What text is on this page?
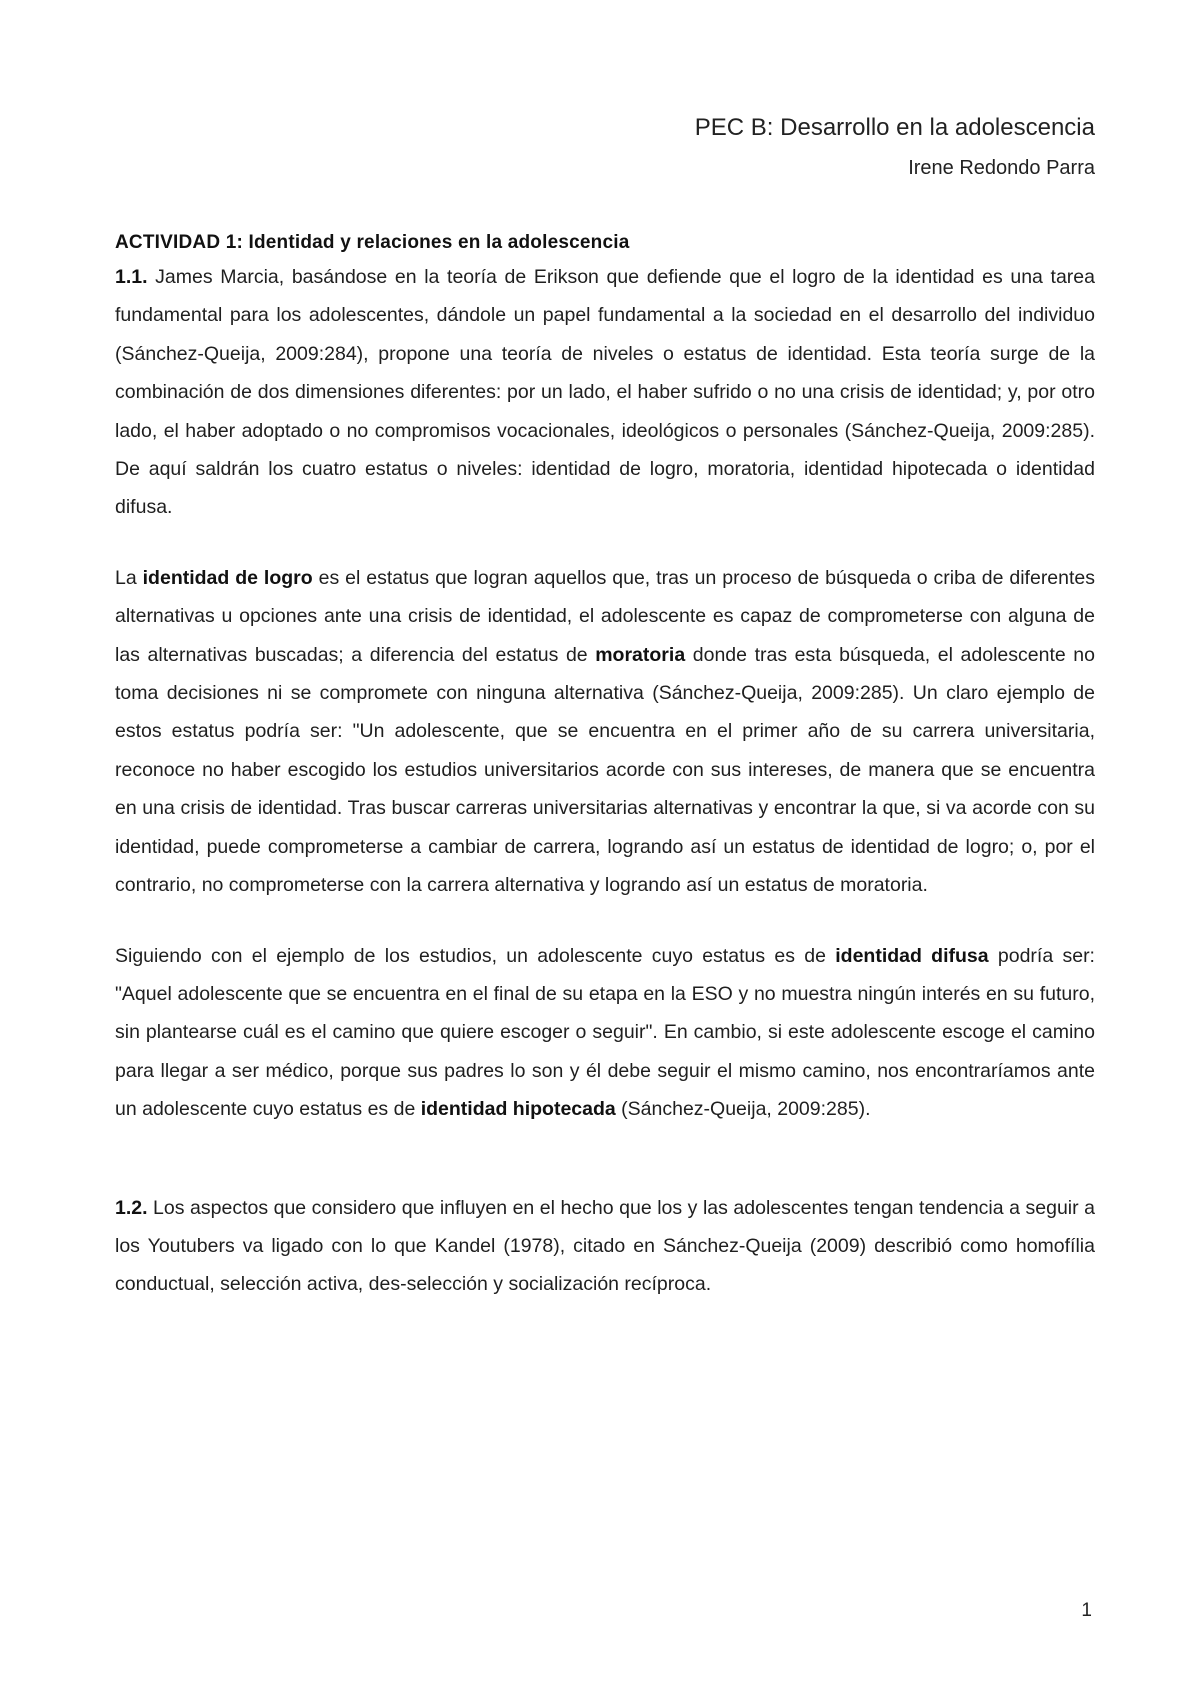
PEC B: Desarrollo en la adolescencia
Irene Redondo Parra
ACTIVIDAD 1: Identidad y relaciones en la adolescencia

1.1. James Marcia, basándose en la teoría de Erikson que defiende que el logro de la identidad es una tarea fundamental para los adolescentes, dándole un papel fundamental a la sociedad en el desarrollo del individuo (Sánchez-Queija, 2009:284), propone una teoría de niveles o estatus de identidad. Esta teoría surge de la combinación de dos dimensiones diferentes: por un lado, el haber sufrido o no una crisis de identidad; y, por otro lado, el haber adoptado o no compromisos vocacionales, ideológicos o personales (Sánchez-Queija, 2009:285). De aquí saldrán los cuatro estatus o niveles: identidad de logro, moratoria, identidad hipotecada o identidad difusa.

La identidad de logro es el estatus que logran aquellos que, tras un proceso de búsqueda o criba de diferentes alternativas u opciones ante una crisis de identidad, el adolescente es capaz de comprometerse con alguna de las alternativas buscadas; a diferencia del estatus de moratoria donde tras esta búsqueda, el adolescente no toma decisiones ni se compromete con ninguna alternativa (Sánchez-Queija, 2009:285). Un claro ejemplo de estos estatus podría ser: "Un adolescente, que se encuentra en el primer año de su carrera universitaria, reconoce no haber escogido los estudios universitarios acorde con sus intereses, de manera que se encuentra en una crisis de identidad. Tras buscar carreras universitarias alternativas y encontrar la que, si va acorde con su identidad, puede comprometerse a cambiar de carrera, logrando así un estatus de identidad de logro; o, por el contrario, no comprometerse con la carrera alternativa y logrando así un estatus de moratoria.

Siguiendo con el ejemplo de los estudios, un adolescente cuyo estatus es de identidad difusa podría ser: "Aquel adolescente que se encuentra en el final de su etapa en la ESO y no muestra ningún interés en su futuro, sin plantearse cuál es el camino que quiere escoger o seguir". En cambio, si este adolescente escoge el camino para llegar a ser médico, porque sus padres lo son y él debe seguir el mismo camino, nos encontraríamos ante un adolescente cuyo estatus es de identidad hipotecada (Sánchez-Queija, 2009:285).

1.2. Los aspectos que considero que influyen en el hecho que los y las adolescentes tengan tendencia a seguir a los Youtubers va ligado con lo que Kandel (1978), citado en Sánchez-Queija (2009) describió como homofília conductual, selección activa, des-selección y socialización recíproca.

1
